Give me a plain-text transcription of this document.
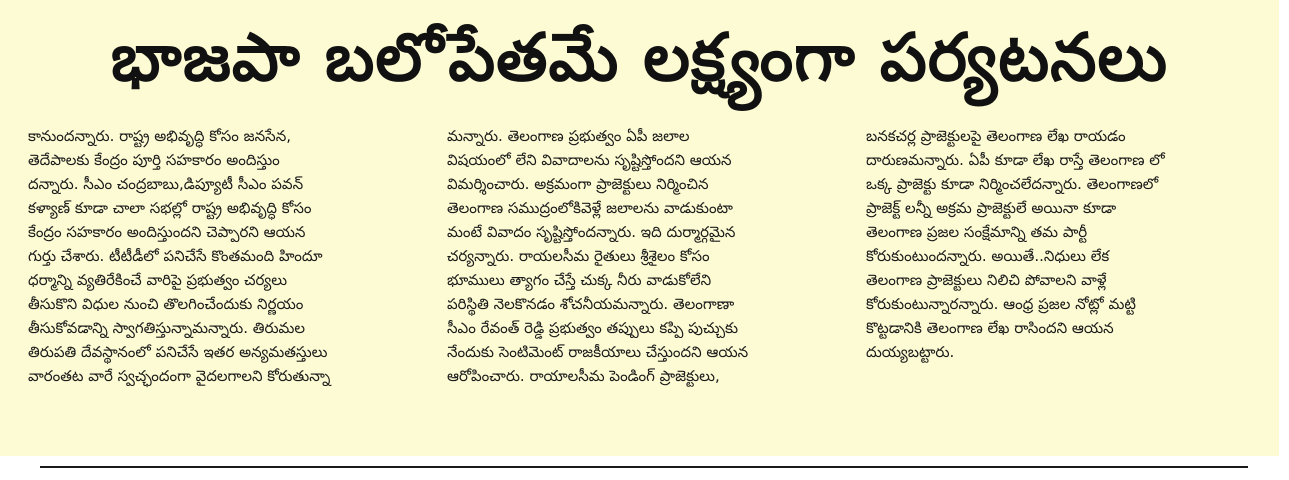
భాజపా బలోపేతమే లక్ష్యంగా పర్యటనలు
కానుందన్నారు. రాష్ట్ర అభివృద్ధి కోసం జనసేన,
తెదేపాలకు కేంద్రం పూర్తి సహకారం అందిస్తుం
దన్నారు. సీఎం చంద్రబాబు,డిప్యూటీ సీఎం పవన్
కళ్యాణ్ కూడా చాలా సభల్లో రాష్ట్ర అభివృద్ధి కోసం
కేంద్రం సహకారం అందిస్తుందని చెప్పారని ఆయన
గుర్తు చేశారు. టీటీడీలో పనిచేసే కొంతమంది హిందూ
ధర్మాన్ని వ్యతిరేకించే వారిపై ప్రభుత్వం చర్యలు
తీసుకొని విధుల నుంచి తొలగించేందుకు నిర్ణయం
తీసుకోవడాన్ని స్వాగతిస్తున్నామన్నారు. తిరుమల
తిరుపతి దేవస్థానంలో పనిచేసే ఇతర అన్యమతస్తులు
వారంతట వారే స్వచ్ఛందంగా వైదలగాలని కోరుతున్నా
మన్నారు. తెలంగాణ ప్రభుత్వం ఏపీ జలాల
విషయంలో లేని వివాదాలను సృష్టిస్తోందని ఆయన
విమర్శించారు. అక్రమంగా ప్రాజెక్టులు నిర్మించిన
తెలంగాణ సముద్రంలోకివెళ్లే జలాలను వాడుకుంటా
మంటే వివాదం సృష్టిస్తోందన్నారు. ఇది దుర్మార్గమైన
చర్యన్నారు. రాయలసీమ రైతులు శ్రీశైలం కోసం
భూములు త్యాగం చేస్తే చుక్క నీరు వాడుకోలేని
పరిస్థితి నెలకొనడం శోచనీయమన్నారు. తెలంగాణా
సీఎం రేవంత్ రెడ్డి ప్రభుత్వం తప్పులు కప్పి పుచ్చుకు
నేందుకు సెంటిమెంట్ రాజకీయాలు చేస్తుందని ఆయన
ఆరోపించారు. రాయాలసీమ పెండింగ్ ప్రాజెక్టులు,
బనకచర్ల ప్రాజెక్టులపై తెలంగాణ లేఖ రాయడం
దారుణమన్నారు. ఏపీ కూడా లేఖ రాస్తే తెలంగాణ లో
ఒక్క ప్రాజెక్టు కూడా నిర్మించలేదన్నారు. తెలంగాణలో
ప్రాజెక్ట్ లన్నీ అక్రమ ప్రాజెక్టులే అయినా కూడా
తెలంగాణ ప్రజల సంక్షేమాన్ని తమ పార్టీ
కోరుకుంటుందన్నారు. అయితే..నిధులు లేక
తెలంగాణ ప్రాజెక్టులు నిలిచి పోవాలని వాళ్లే
కోరుకుంటున్నారన్నారు. ఆంధ్ర ప్రజల నోట్లో మట్టి
కొట్టడానికి తెలంగాణ లేఖ రాసిందని ఆయన
దుయ్యబట్టారు.
